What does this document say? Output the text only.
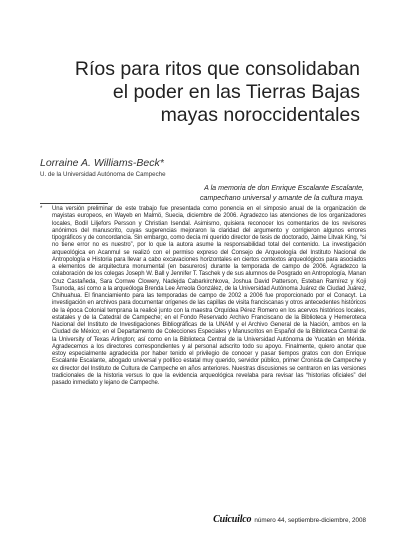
Ríos para ritos que consolidaban
el poder en las Tierras Bajas
mayas noroccidentales
Lorraine A. Williams-Beck*
U. de la Universidad Autónoma de Campeche
A la memoria de don Enrique Escalante Escalante,
campechano universal y amante de la cultura maya.
* Una versión preliminar de este trabajo fue presentada como ponencia en el simposio anual de la organización de mayistas europeos, en Wayeb en Malmö, Suecia, diciembre de 2006. Agradezco las atenciones de los organizadores locales, Bodil Liljefors Persson y Christian Isendal. Asimismo, quisiera reconocer los comentarios de los revisores anónimos del manuscrito, cuyas sugerencias mejoraron la claridad del argumento y corrigieron algunos errores tipográficos y de concordancia. Sin embargo, como decía mi querido director de tesis de doctorado, Jaime Litvak King, “si no tiene error no es nuestro”, por lo que la autora asume la responsabilidad total del contenido. La investigación arqueológica en Acanmul se realizó con el permiso expreso del Consejo de Arqueología del Instituto Nacional de Antropología e Historia para llevar a cabo excavaciones horizontales en ciertos contextos arqueológicos para asociados a elementos de arquitectura monumental (en basureros) durante la temporada de campo de 2006. Agradezco la colaboración de los colegas Joseph W. Ball y Jennifer T. Taschek y de sus alumnos de Posgrado en Antropología, Manan Cruz Castañeda, Sara Cornwe Clowery, Nadejda Cabarkirchkova, Joshua David Patterson, Esteban Ramírez y Koji Tsunoda, así como a la arqueóloga Brenda Lee Arreola González, de la Universidad Autónoma Juárez de Ciudad Juárez, Chihuahua. El financiamiento para las temporadas de campo de 2002 a 2006 fue proporcionado por el Conacyt. La investigación en archivos para documentar orígenes de las capillas de visita franciscanas y otros antecedentes históricos de la época Colonial temprana la realicé junto con la maestra Orquídea Pérez Romero en los acervos históricos locales, estatales y de la Catedral de Campeche; en el Fondo Reservado Archivo Franciscano de la Biblioteca y Hemeroteca Nacional del Instituto de Investigaciones Bibliográficas de la UNAM y el Archivo General de la Nación, ambos en la Ciudad de México; en el Departamento de Colecciones Especiales y Manuscritos en Español de la Biblioteca Central de la University of Texas Arlington; así como en la Biblioteca Central de la Universidad Autónoma de Yucatán en Mérida. Agradecemos a los directores correspondientes y al personal adscrito todo su apoyo. Finalmente, quiero anotar que estoy especialmente agradecida por haber tenido el privilegio de conocer y pasar tiempos gratos con don Enrique Escalante Escalante, abogado universal y político estatal muy querido, servidor público, primer Cronista de Campeche y ex director del Instituto de Cultura de Campeche en años anteriores. Nuestras discusiones se centraron en las versiones tradicionales de la historia versus lo que la evidencia arqueológica revelaba para revisar las “historias oficiales” del pasado inmediato y lejano de Campeche.

Cuicuilco número 44, septiembre-diciembre, 2008
